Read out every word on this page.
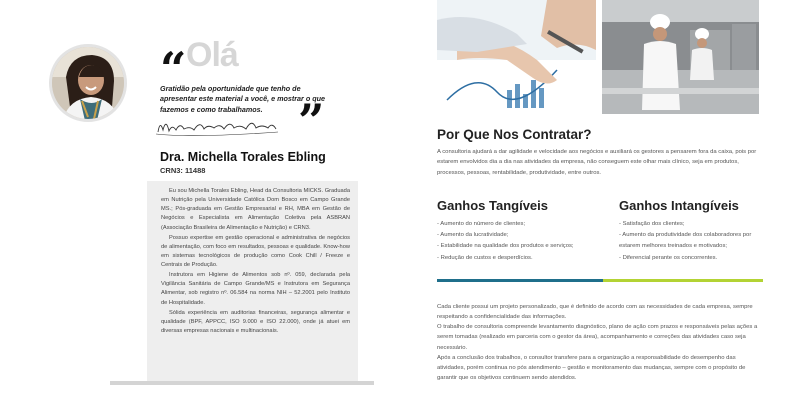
“ Olá
Gratidão pela oportunidade que tenho de apresentar este material a você, e mostrar o que fazemos e como trabalhamos. ”
Dra. Michella Torales Ebling
CRN3: 11488

Eu sou Michella Torales Ebling, Head da Consultoria MICKS. Graduada em Nutrição pela Universidade Católica Dom Bosco em Campo Grande MS.; Pós-graduada em Gestão Empresarial e RH, MBA em Gestão de Negócios e Especialista em Alimentação Coletiva pela ASBRAN (Associação Brasileira de Alimentação e Nutrição) e CRN3.

Possuo expertise em gestão operacional e administrativa de negócios de alimentação, com foco em resultados, pessoas e qualidade. Know-how em sistemas tecnológicos de produção como Cook Chill / Freeze e Centrais de Produção.

Instrutora em Higiene de Alimentos sob nº. 059, declarada pela Vigilância Sanitária de Campo Grande/MS e Instrutora em Segurança Alimentar, sob registro nº. 06.584 na norma NIH – 52.2001 pelo Instituto de Hospitalidade.

Sólida experiência em auditorias financeiras, segurança alimentar e qualidade (BPF, APPCC, ISO 9.000 e ISO 22.000), onde já atuei em diversas empresas nacionais e multinacionais.

Por Que Nos Contratar?
A consultoria ajudará a dar agilidade e velocidade aos negócios e auxiliará os gestores a pensarem fora da caixa, pois por estarem envolvidos dia a dia nas atividades da empresa, não conseguem este olhar mais clínico, seja em produtos, processos, pessoas, rentabilidade, produtividade, entre outros.
Ganhos Tangíveis
- Aumento do número de clientes;
- Aumento da lucratividade;
- Estabilidade na qualidade dos produtos e serviços;
- Redução de custos e desperdícios.
Ganhos Intangíveis
- Satisfação dos clientes;
- Aumento da produtividade dos colaboradores por estarem melhores treinados e motivados;
- Diferencial perante os concorrentes.

Cada cliente possui um projeto personalizado, que é definido de acordo com as necessidades de cada empresa, sempre respeitando a confidencialidade das informações.

O trabalho de consultoria compreende levantamento diagnóstico, plano de ação com prazos e responsáveis pelas ações a serem tomadas (realizado em parceria com o gestor da área), acompanhamento e correções das atividades caso seja necessário.

Após a conclusão dos trabalhos, o consultor transfere para a organização a responsabilidade do desempenho das atividades, porém continua no pós atendimento – gestão e monitoramento das mudanças, sempre com o propósito de garantir que os objetivos continuem sendo atendidos.
